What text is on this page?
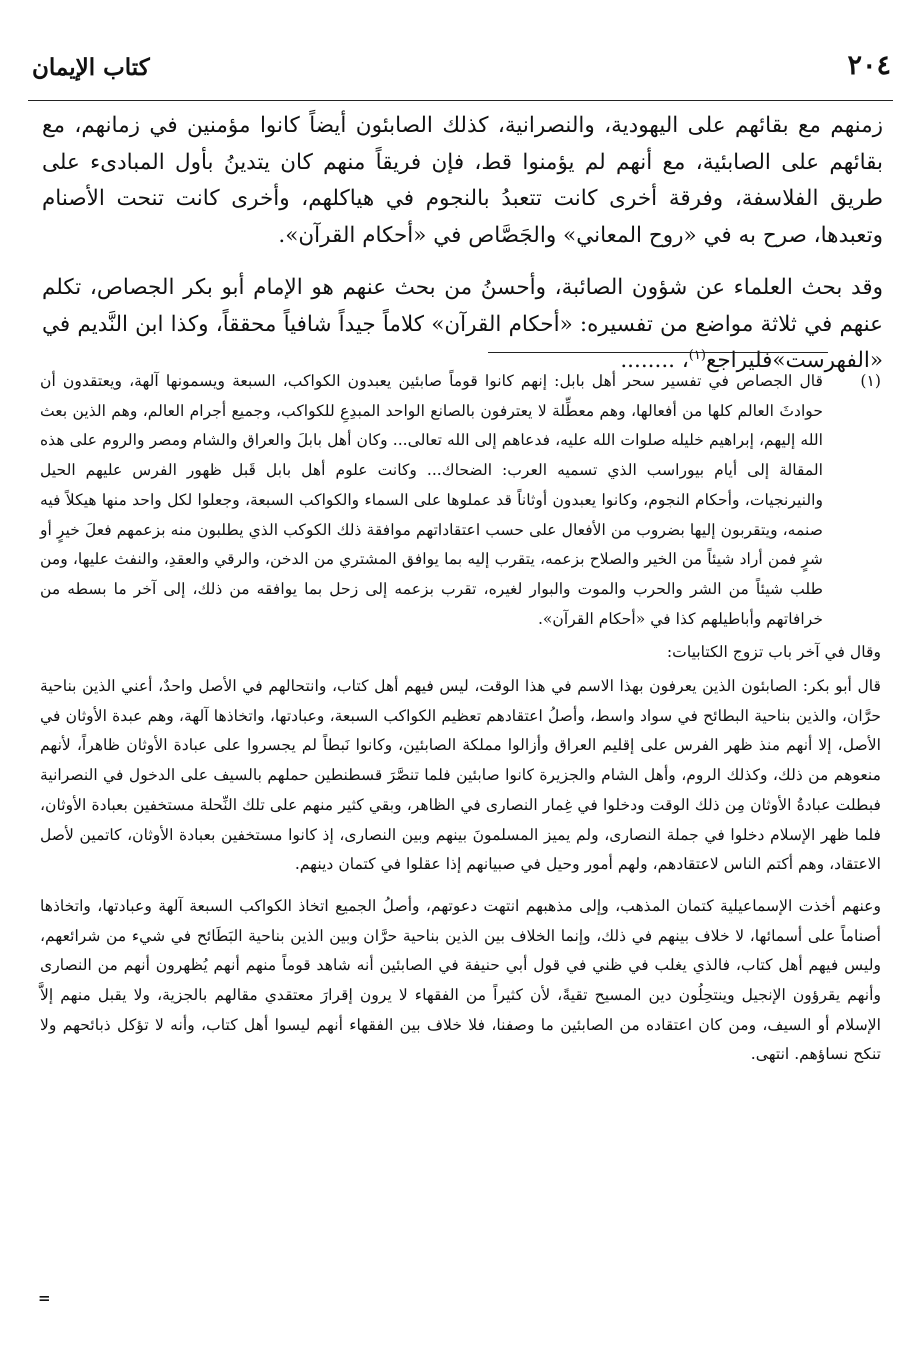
٢٠٤
كتاب الإيمان

زمنهم مع بقائهم على اليهودية، والنصرانية، كذلك الصابئون أيضاً كانوا مؤمنين في زمانهم، مع بقائهم على الصابئية، مع أنهم لم يؤمنوا قط، فإن فريقاً منهم كان يتدينُ بأول المبادىء على طريق الفلاسفة، وفرقة أخرى كانت تتعبدُ بالنجوم في هياكلهم، وأخرى كانت تنحت الأصنام وتعبدها، صرح به في «روح المعاني» والجَصَّاص في «أحكام القرآن».

وقد بحث العلماء عن شؤون الصائبة، وأحسنُ من بحث عنهم هو الإمام أبو بكر الجصاص، تكلم عنهم في ثلاثة مواضع من تفسيره: «أحكام القرآن» كلاماً جيداً شافياً محققاً، وكذا ابن النَّديم في «الفهرست»فليراجع$^{(١)}$، ........

(١)
قال الجصاص في تفسير سحر أهل بابل: إنهم كانوا قوماً صابئين يعبدون الكواكب، السبعة ويسمونها آلهة، ويعتقدون أن حوادثَ العالم كلها من أفعالها، وهم معطِّلة لا يعترفون بالصانع الواحد المبدِعِ للكواكب، وجميع أجرام العالم، وهم الذين بعث الله إليهم، إبراهيم خليله صلوات الله عليه، فدعاهم إلى الله تعالى... وكان أهل بابلَ والعراق والشام ومصر والروم على هذه المقالة إلى أيام بيوراسب الذي تسميه العرب: الضحاك... وكانت علوم أهل بابل قَبل ظهور الفرس عليهم الحيل والنيرنجيات، وأحكام النجوم، وكانوا يعبدون أوثاناً قد عملوها على السماء والكواكب السبعة، وجعلوا لكل واحد منها هيكلاً فيه صنمه، ويتقربون إليها بضروب من الأفعال على حسب اعتقاداتهم موافقة ذلك الكوكب الذي يطلبون منه بزعمهم فعلَ خيرٍ أو شرٍ فمن أراد شيئاً من الخير والصلاح بزعمه، يتقرب إليه بما يوافق المشتري من الدخن، والرقي والعقدِ، والنفث عليها، ومن طلب شيئاً من الشر والحرب والموت والبوار لغيره، تقرب بزعمه إلى زحل بما يوافقه من ذلك، إلى آخر ما بسطه من خرافاتهم وأباطيلهم كذا في «أحكام القرآن».

وقال في آخر باب تزوج الكتابيات:

قال أبو بكر: الصابئون الذين يعرفون بهذا الاسم في هذا الوقت، ليس فيهم أهل كتاب، وانتحالهم في الأصل واحدٌ، أعني الذين بناحية حرَّان، والذين بناحية البطائح في سواد واسط، وأصلُ اعتقادهم تعظيم الكواكب السبعة، وعبادتها، واتخاذها آلهة، وهم عبدة الأوثان في الأصل، إلا أنهم منذ ظهر الفرس على إقليم العراق وأزالوا مملكة الصابئين، وكانوا نَبطاً لم يجسروا على عبادة الأوثان ظاهراً، لأنهم منعوهم من ذلك، وكذلك الروم، وأهل الشام والجزيرة كانوا صابئين فلما تنصَّرَ قسطنطين حملهم بالسيف على الدخول في النصرانية فبطلت عبادةُ الأوثان مِن ذلك الوقت ودخلوا في غِمار النصارى في الظاهر، وبقي كثير منهم على تلك النِّحلة مستخفين بعبادة الأوثان، فلما ظهر الإسلام دخلوا في جملة النصارى، ولم يميز المسلمونَ بينهم وبين النصارى، إذ كانوا مستخفين بعبادة الأوثان، كاتمين لأصل الاعتقاد، وهم أكتم الناس لاعتقادهم، ولهم أمور وحيل في صبيانهم إذا عقلوا في كتمان دينهم.

وعنهم أخذت الإسماعيلية كتمان المذهب، وإلى مذهبهم انتهت دعوتهم، وأصلُ الجميع اتخاذ الكواكب السبعة آلهة وعبادتها، واتخاذها أصناماً على أسمائها، لا خلاف بينهم في ذلك، وإنما الخلاف بين الذين بناحية حرَّان وبين الذين بناحية البَطَائح في شيء من شرائعهم، وليس فيهم أهل كتاب، فالذي يغلب في ظني في قول أبي حنيفة في الصابئين أنه شاهد قوماً منهم أنهم يُظهرون أنهم من النصارى وأنهم يقرؤون الإنجيل وينتحِلُون دين المسيح تقيةً، لأن كثيراً من الفقهاء لا يرون إقرارَ معتقدي مقالهم بالجزية، ولا يقبل منهم إلاَّ الإسلام أو السيف، ومن كان اعتقاده من الصابئين ما وصفنا، فلا خلاف بين الفقهاء أنهم ليسوا أهل كتاب، وأنه لا تؤكل ذبائحهم ولا تنكح نساؤهم. انتهى.

=
